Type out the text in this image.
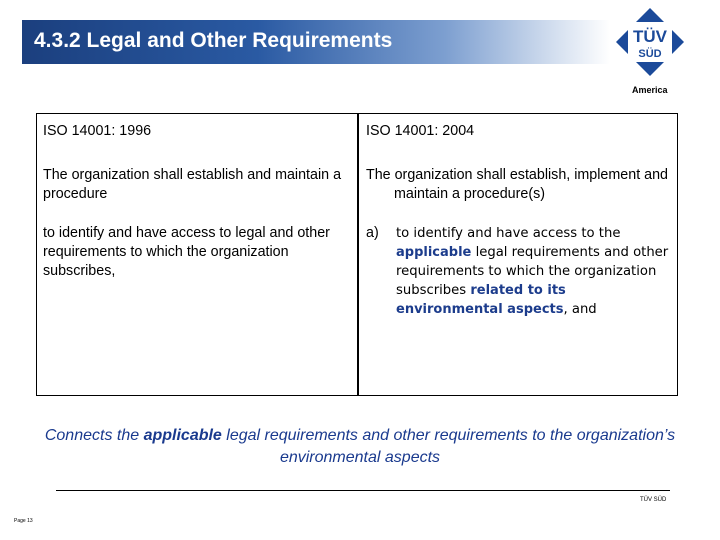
4.3.2 Legal and Other Requirements	TÜV
SÜD
America
ISO 14001: 1996	ISO 14001: 2004
The organization shall establish and maintain a procedure
The organization shall establish, implement and maintain a procedure(s)
to identify and have access to legal and other requirements to which the organization subscribes,
a) to identify and have access to the applicable legal requirements and other requirements to which the organization subscribes related to its environmental aspects, and
Connects the applicable legal requirements and other requirements to the organization’s environmental aspects
TÜV SÜD
Page 13
